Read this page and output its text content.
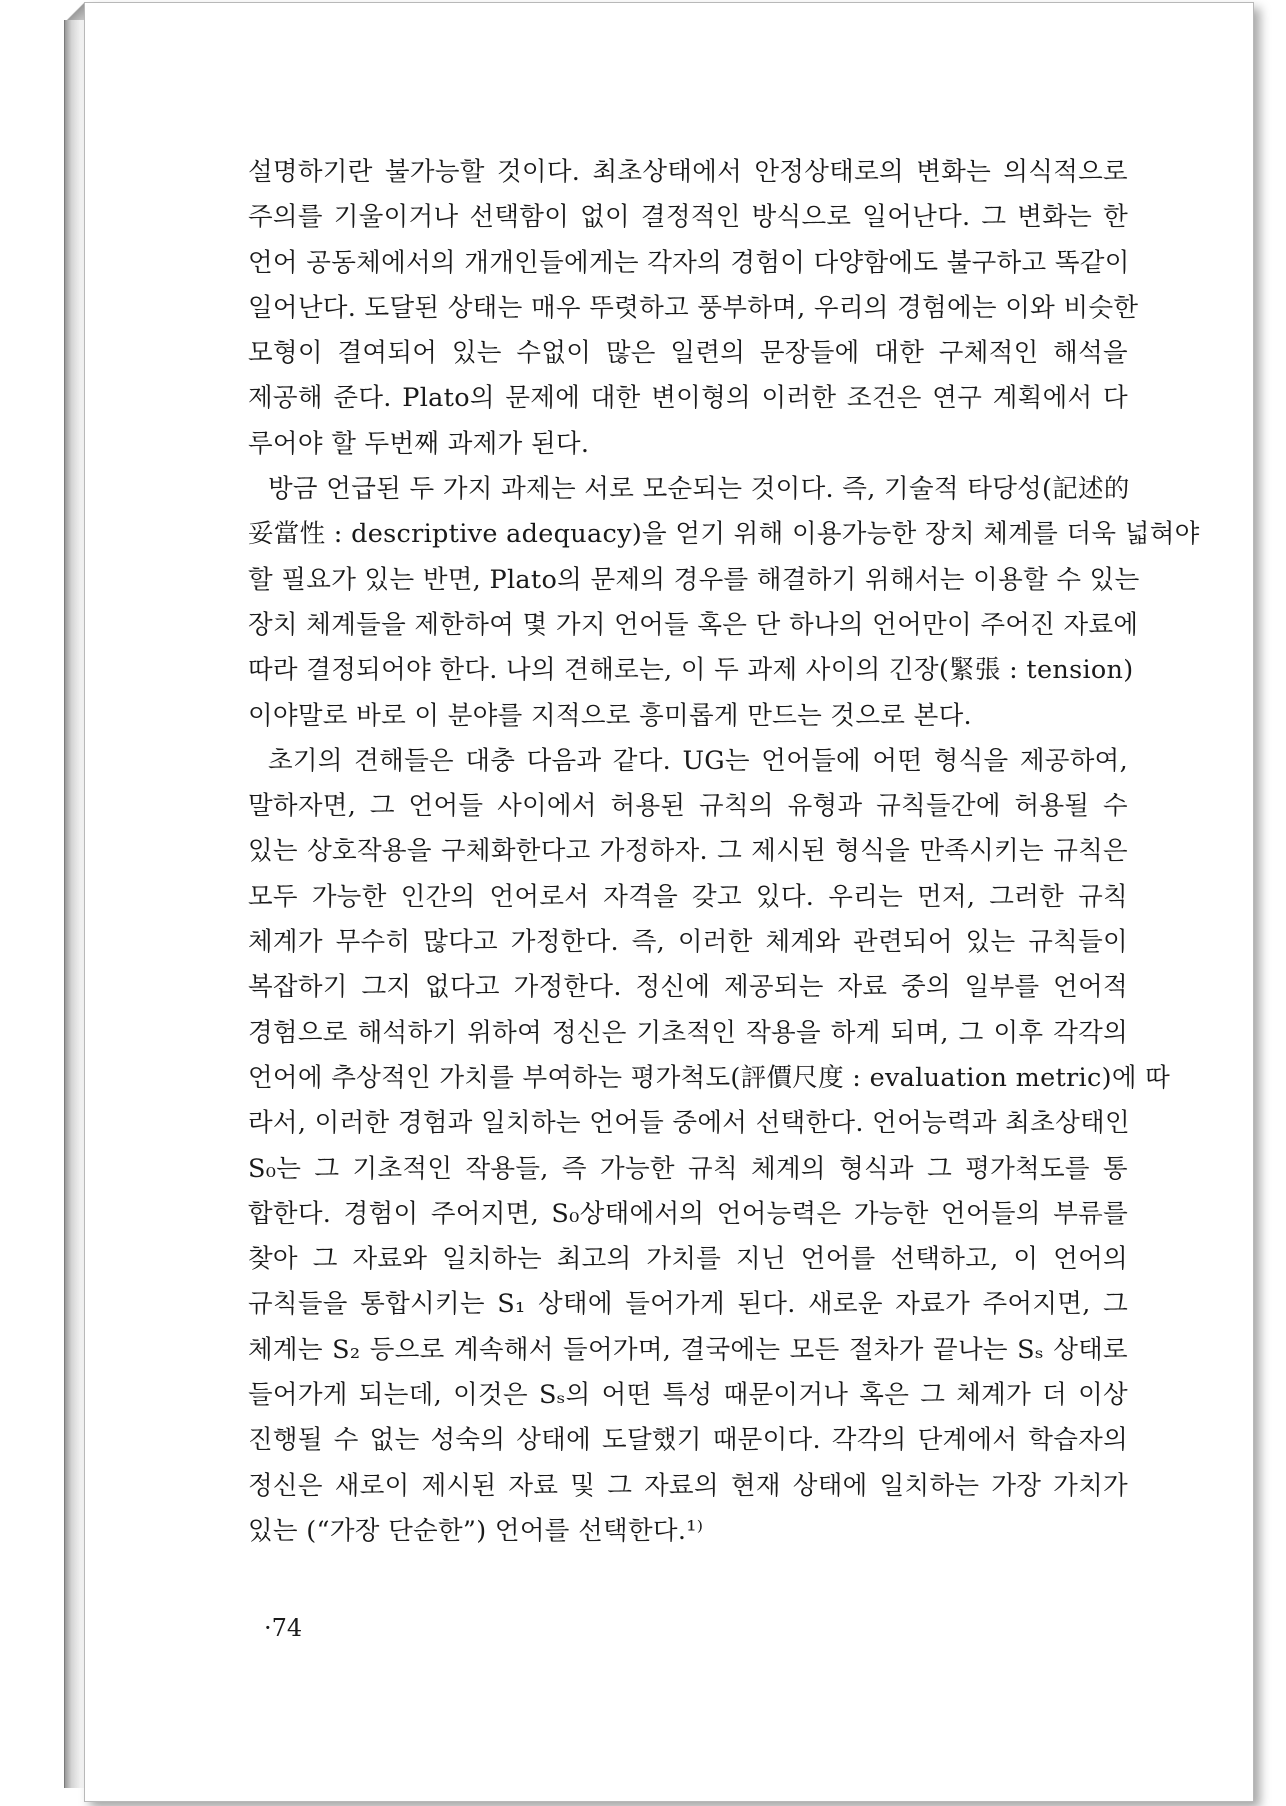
설명하기란 불가능할 것이다. 최초상태에서 안정상태로의 변화는 의식적으로
주의를 기울이거나 선택함이 없이 결정적인 방식으로 일어난다. 그 변화는 한
언어 공동체에서의 개개인들에게는 각자의 경험이 다양함에도 불구하고 똑같이
일어난다. 도달된 상태는 매우 뚜렷하고 풍부하며, 우리의 경험에는 이와 비슷한
모형이 결여되어 있는 수없이 많은 일련의 문장들에 대한 구체적인 해석을
제공해 준다. Plato의 문제에 대한 변이형의 이러한 조건은 연구 계획에서 다
루어야 할 두번째 과제가 된다.
방금 언급된 두 가지 과제는 서로 모순되는 것이다. 즉, 기술적 타당성(記述的
妥當性 : descriptive adequacy)을 얻기 위해 이용가능한 장치 체계를 더욱 넓혀야
할 필요가 있는 반면, Plato의 문제의 경우를 해결하기 위해서는 이용할 수 있는
장치 체계들을 제한하여 몇 가지 언어들 혹은 단 하나의 언어만이 주어진 자료에
따라 결정되어야 한다. 나의 견해로는, 이 두 과제 사이의 긴장(緊張 : tension)
이야말로 바로 이 분야를 지적으로 흥미롭게 만드는 것으로 본다.
초기의 견해들은 대충 다음과 같다. UG는 언어들에 어떤 형식을 제공하여,
말하자면, 그 언어들 사이에서 허용된 규칙의 유형과 규칙들간에 허용될 수
있는 상호작용을 구체화한다고 가정하자. 그 제시된 형식을 만족시키는 규칙은
모두 가능한 인간의 언어로서 자격을 갖고 있다. 우리는 먼저, 그러한 규칙
체계가 무수히 많다고 가정한다. 즉, 이러한 체계와 관련되어 있는 규칙들이
복잡하기 그지 없다고 가정한다. 정신에 제공되는 자료 중의 일부를 언어적
경험으로 해석하기 위하여 정신은 기초적인 작용을 하게 되며, 그 이후 각각의
언어에 추상적인 가치를 부여하는 평가척도(評價尺度 : evaluation metric)에 따
라서, 이러한 경험과 일치하는 언어들 중에서 선택한다. 언어능력과 최초상태인
S₀는 그 기초적인 작용들, 즉 가능한 규칙 체계의 형식과 그 평가척도를 통
합한다. 경험이 주어지면, S₀상태에서의 언어능력은 가능한 언어들의 부류를
찾아 그 자료와 일치하는 최고의 가치를 지닌 언어를 선택하고, 이 언어의
규칙들을 통합시키는 S₁ 상태에 들어가게 된다. 새로운 자료가 주어지면, 그
체계는 S₂ 등으로 계속해서 들어가며, 결국에는 모든 절차가 끝나는 Sₛ 상태로
들어가게 되는데, 이것은 Sₛ의 어떤 특성 때문이거나 혹은 그 체계가 더 이상
진행될 수 없는 성숙의 상태에 도달했기 때문이다. 각각의 단계에서 학습자의
정신은 새로이 제시된 자료 및 그 자료의 현재 상태에 일치하는 가장 가치가
있는 (“가장 단순한”) 언어를 선택한다.¹⁾
·74
